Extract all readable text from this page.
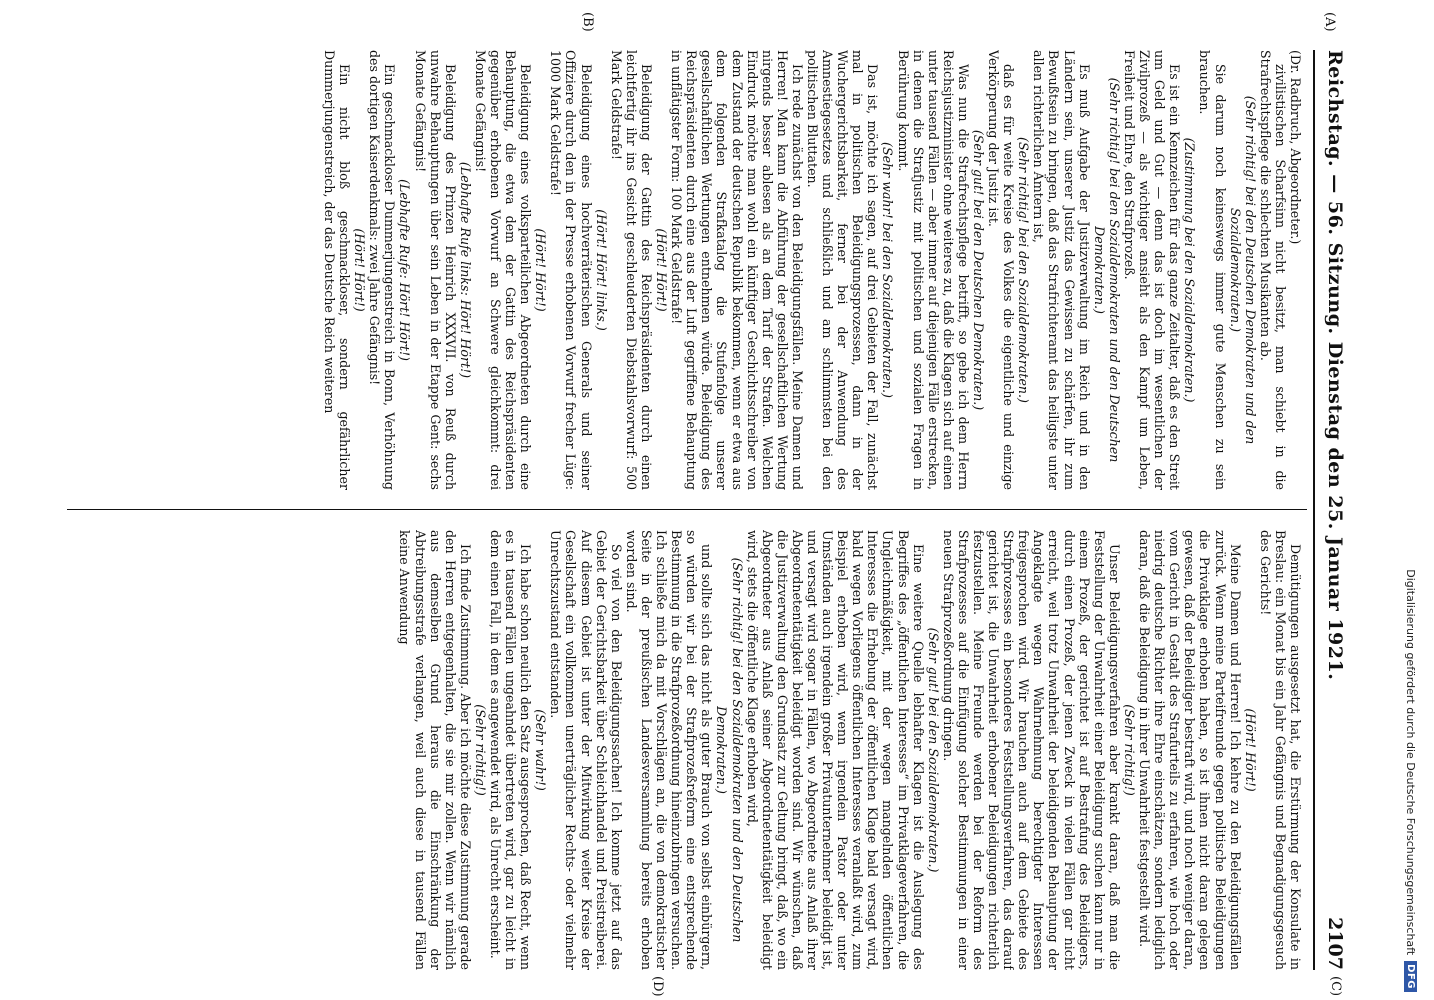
Reichstag. — 56. Sitzung. Dienstag den 25. Januar 1921.
2107
(A)
(B)
(C)
(D)

(Dr. Radbruch, Abgeordneter.)

zivilistischen Scharfsinn nicht besitzt, man schiebt in die Strafrechtspflege die schlechten Musikanten ab.

(Sehr richtig! bei den Deutschen Demokraten und den Sozialdemokraten.)

Sie darum noch keineswegs immer gute Menschen zu sein brauchen.

(Zustimmung bei den Sozialdemokraten.)

Es ist ein Kennzeichen für das ganze Zeitalter, daß es den Streit um Geld und Gut — denn das ist doch im wesentlichen der Zivilprozeß — als wichtiger ansieht als den Kampf um Leben, Freiheit und Ehre, den Strafprozeß.

(Sehr richtig! bei den Sozialdemokraten und den Deutschen Demokraten.)

Es muß Aufgabe der Justizverwaltung im Reich und in den Ländern sein, unserer Justiz das Gewissen zu schärfen, ihr zum Bewußtsein zu bringen, daß das Strafrichteramt das heiligste unter allen richterlichen Ämtern ist,

(Sehr richtig! bei den Sozialdemokraten.)

daß es für weite Kreise des Volkes die eigentliche und einzige Verkörperung der Justiz ist.

(Sehr gut! bei den Deutschen Demokraten.)

Was nun die Strafrechtspflege betrifft, so gebe ich dem Herrn Reichsjustizminister ohne weiteres zu, daß die Klagen sich auf einen unter tausend Fällen — aber immer auf diejenigen Fälle erstrecken, in denen die Strafjustiz mit politischen und sozialen Fragen in Berührung kommt.

(Sehr wahr! bei den Sozialdemokraten.)

Das ist, möchte ich sagen, auf drei Gebieten der Fall, zunächst mal in politischen Beleidigungsprozessen, dann in der Wuchergerichtsbarkeit, ferner bei der Anwendung des Amnestiegesetzes und schließlich und am schlimmsten bei den politischen Bluttaten.

Ich rede zunächst von den Beleidigungsfällen. Meine Damen und Herren! Man kann die Abführung der gesellschaftlichen Wertung nirgends besser ablesen als an dem Tarif der Strafen. Welchen Eindruck möchte man wohl ein künftiger Geschichtsschreiber von dem Zustand der deutschen Republik bekommen, wenn er etwa aus dem folgenden Strafkatalog die Stufenfolge unserer gesellschaftlichen Wertungen entnehmen würde. Beleidigung des Reichspräsidenten durch eine aus der Luft gegriffene Behauptung in unflätigster Form: 100 Mark Geldstrafe!

(Hört! Hört!)

Beleidigung der Gattin des Reichspräsidenten durch einen leichtfertig ihr ins Gesicht geschleuderten Diebstahlsvorwurf: 500 Mark Geldstrafe!

(Hört! Hört! links.)

Beleidigung eines hochverräterischen Generals und seiner Offiziere durch den in der Presse erhobenen Vorwurf frecher Lüge: 1000 Mark Geldstrafe!

(Hört! Hört!)

Beleidigung eines volksparteilichen Abgeordneten durch eine Behauptung, die etwa dem der Gattin des Reichspräsidenten gegenüber erhobenen Vorwurf an Schwere gleichkommt: drei Monate Gefängnis!

(Lebhafte Rufe links: Hört! Hört!)

Beleidigung des Prinzen Heinrich XXXVII. von Reuß durch unwahre Behauptungen über sein Leben in der Etappe Gent: sechs Monate Gefängnis!

(Lebhafte Rufe: Hört! Hört!)

Ein geschmackloser Dummerjungenstreich in Bonn, Verhöhnung des dortigen Kaiserdenkmals: zwei Jahre Gefängnis!

(Hört! Hört!)

Ein nicht bloß geschmackloser, sondern gefährlicher Dummerjungenstreich, der das Deutsche Reich weiteren

Demütigungen ausgesetzt hat, die Erstürmung der Konsulate in Breslau: ein Monat bis ein Jahr Gefängnis und Begnadigungsgesuch des Gerichts!

(Hört! Hört!)

Meine Damen und Herren! Ich kehre zu den Beleidigungsfällen zurück. Wenn meine Parteifreunde gegen politische Beleidigungen die Privatklage erhoben haben, so ist ihnen nicht daran gelegen gewesen, daß der Beleidiger bestraft wird, und noch weniger daran, vom Gericht in Gestalt des Strafurteils zu erfahren, wie hoch oder niedrig deutsche Richter ihre Ehre einschätzen, sondern lediglich daran, daß die Beleidigung in ihrer Unwahrheit festgestellt wird.

(Sehr richtig!)

Unser Beleidigungsverfahren aber krankt daran, daß man die Feststellung der Unwahrheit einer Beleidigung suchen kann nur in einem Prozeß, der gerichtet ist auf Bestrafung des Beleidigers, durch einen Prozeß, der jenen Zweck in vielen Fällen gar nicht erreicht, weil trotz Unwahrheit der beleidigenden Behauptung der Angeklagte wegen Wahrnehmung berechtigter Interessen freigesprochen wird. Wir brauchen auch auf dem Gebiete des Strafprozesses ein besonderes Feststellungsverfahren, das darauf gerichtet ist, die Unwahrheit erhobener Beleidigungen richterlich festzustellen. Meine Freunde werden bei der Reform des Strafprozesses auf die Einfügung solcher Bestimmungen in einer neuen Strafprozeßordnung dringen.

(Sehr gut! bei den Sozialdemokraten.)

Eine weitere Quelle lebhafter Klagen ist die Auslegung des Begriffes des „öffentlichen Interesses“ im Privatklageverfahren, die Ungleichmäßigkeit, mit der wegen mangelnden öffentlichen Interesses die Erhebung der öffentlichen Klage bald versagt wird, bald wegen Vorliegens öffentlichen Interesses veranlaßt wird, zum Beispiel erhoben wird, wenn irgendein Pastor oder unter Umständen auch irgendein großer Privatunternehmer beleidigt ist, und versagt wird sogar in Fällen, wo Abgeordnete aus Anlaß ihrer Abgeordnetentätigkeit beleidigt worden sind. Wir wünschen, daß die Justizverwaltung den Grundsatz zur Geltung bringt, daß, wo ein Abgeordneter aus Anlaß seiner Abgeordnetentätigkeit beleidigt wird, stets die öffentliche Klage erhoben wird,

(Sehr richtig! bei den Sozialdemokraten und den Deutschen Demokraten.)

und sollte sich das nicht als guter Brauch von selbst einbürgern, so würden wir bei der Strafprozeßreform eine entsprechende Bestimmung in die Strafprozeßordnung hineinzubringen versuchen. Ich schließe mich da mit Vorschlägen an, die von demokratischer Seite in der preußischen Landesversammlung bereits erhoben worden sind.

So viel von den Beleidigungssachen! Ich komme jetzt auf das Gebiet der Gerichtsbarkeit über Schleichhandel und Preistreiberei. Auf diesem Gebiet ist unter der Mitwirkung weiter Kreise der Gesellschaft ein vollkommen unerträglicher Rechts- oder vielmehr Unrechtszustand entstanden.

(Sehr wahr!)

Ich habe schon neulich den Satz ausgesprochen, daß Recht, wenn es in tausend Fällen ungeahndet übertreten wird, gar zu leicht in dem einen Fall, in dem es angewendet wird, als Unrecht erscheint.

(Sehr richtig!)

Ich finde Zustimmung. Aber ich möchte diese Zustimmung gerade den Herren entgegenhalten, die sie mir zollen. Wenn wir nämlich aus demselben Grund heraus die Einschränkung der Abtreibungsstrafe verlangen, weil auch diese in tausend Fällen keine Anwendung	Digitalisierung gefördert durch die Deutsche Forschungsgemeinschaft
DFG
